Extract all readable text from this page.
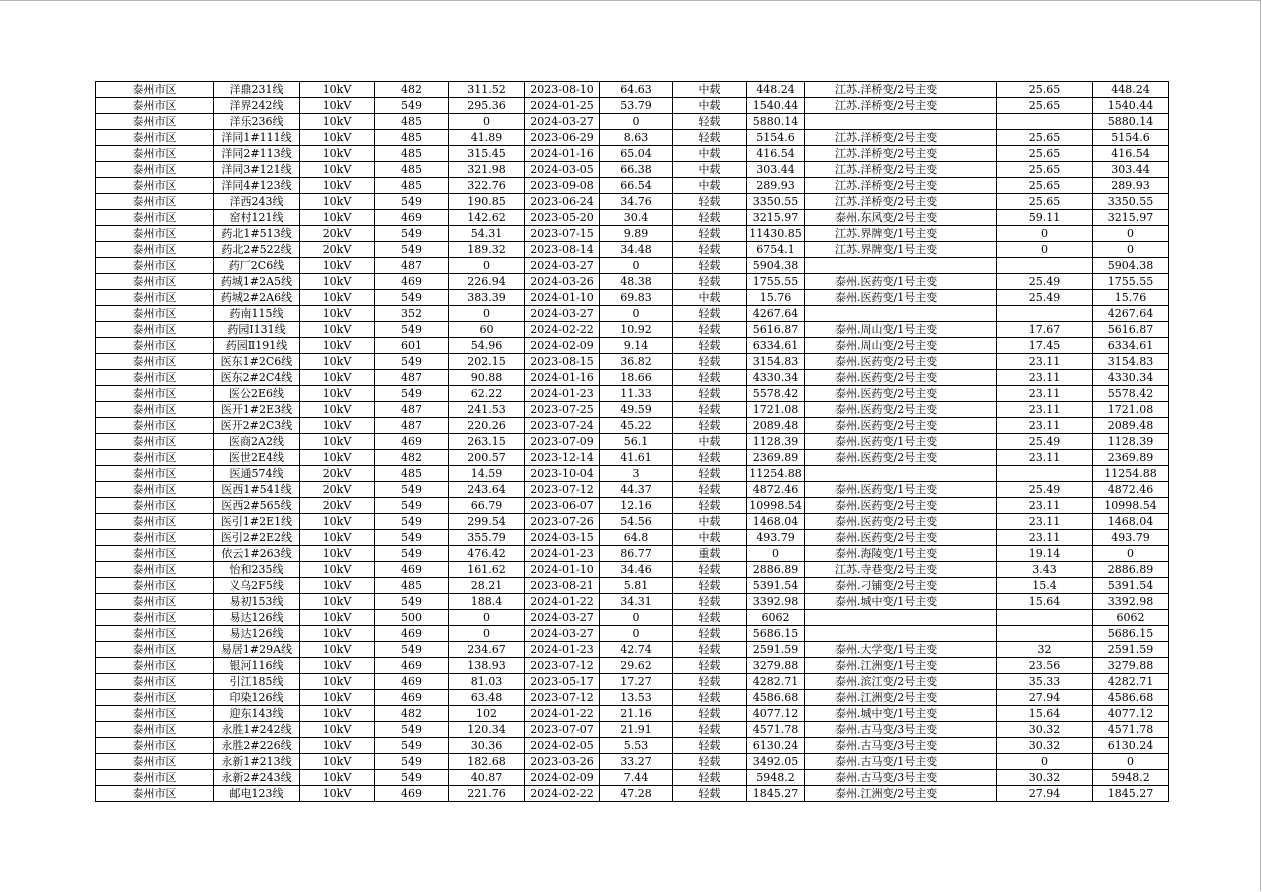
泰州市区	洋鼎231线	10kV	482	311.52	2023-08-10	64.63	中载	448.24	江苏.洋桥变/2号主变	25.65	448.24
泰州市区	洋界242线	10kV	549	295.36	2024-01-25	53.79	中载	1540.44	江苏.洋桥变/2号主变	25.65	1540.44
泰州市区	洋乐236线	10kV	485	0	2024-03-27	0	轻载	5880.14			5880.14
泰州市区	洋同1#111线	10kV	485	41.89	2023-06-29	8.63	轻载	5154.6	江苏.洋桥变/2号主变	25.65	5154.6
泰州市区	洋同2#113线	10kV	485	315.45	2024-01-16	65.04	中载	416.54	江苏.洋桥变/2号主变	25.65	416.54
泰州市区	洋同3#121线	10kV	485	321.98	2024-03-05	66.38	中载	303.44	江苏.洋桥变/2号主变	25.65	303.44
泰州市区	洋同4#123线	10kV	485	322.76	2023-09-08	66.54	中载	289.93	江苏.洋桥变/2号主变	25.65	289.93
泰州市区	洋西243线	10kV	549	190.85	2023-06-24	34.76	轻载	3350.55	江苏.洋桥变/2号主变	25.65	3350.55
泰州市区	窑村121线	10kV	469	142.62	2023-05-20	30.4	轻载	3215.97	泰州.东风变/2号主变	59.11	3215.97
泰州市区	药北1#513线	20kV	549	54.31	2023-07-15	9.89	轻载	11430.85	江苏.界牌变/1号主变	0	0
泰州市区	药北2#522线	20kV	549	189.32	2023-08-14	34.48	轻载	6754.1	江苏.界牌变/1号主变	0	0
泰州市区	药厂2C6线	10kV	487	0	2024-03-27	0	轻载	5904.38			5904.38
泰州市区	药城1#2A5线	10kV	469	226.94	2024-03-26	48.38	轻载	1755.55	泰州.医药变/1号主变	25.49	1755.55
泰州市区	药城2#2A6线	10kV	549	383.39	2024-01-10	69.83	中载	15.76	泰州.医药变/1号主变	25.49	15.76
泰州市区	药南115线	10kV	352	0	2024-03-27	0	轻载	4267.64			4267.64
泰州市区	药园I131线	10kV	549	60	2024-02-22	10.92	轻载	5616.87	泰州.周山变/1号主变	17.67	5616.87
泰州市区	药园Ⅱ191线	10kV	601	54.96	2024-02-09	9.14	轻载	6334.61	泰州.周山变/2号主变	17.45	6334.61
泰州市区	医东1#2C6线	10kV	549	202.15	2023-08-15	36.82	轻载	3154.83	泰州.医药变/2号主变	23.11	3154.83
泰州市区	医东2#2C4线	10kV	487	90.88	2024-01-16	18.66	轻载	4330.34	泰州.医药变/2号主变	23.11	4330.34
泰州市区	医公2E6线	10kV	549	62.22	2024-01-23	11.33	轻载	5578.42	泰州.医药变/2号主变	23.11	5578.42
泰州市区	医开1#2E3线	10kV	487	241.53	2023-07-25	49.59	轻载	1721.08	泰州.医药变/2号主变	23.11	1721.08
泰州市区	医开2#2C3线	10kV	487	220.26	2023-07-24	45.22	轻载	2089.48	泰州.医药变/2号主变	23.11	2089.48
泰州市区	医商2A2线	10kV	469	263.15	2023-07-09	56.1	中载	1128.39	泰州.医药变/1号主变	25.49	1128.39
泰州市区	医世2E4线	10kV	482	200.57	2023-12-14	41.61	轻载	2369.89	泰州.医药变/2号主变	23.11	2369.89
泰州市区	医通574线	20kV	485	14.59	2023-10-04	3	轻载	11254.88			11254.88
泰州市区	医西1#541线	20kV	549	243.64	2023-07-12	44.37	轻载	4872.46	泰州.医药变/1号主变	25.49	4872.46
泰州市区	医西2#565线	20kV	549	66.79	2023-06-07	12.16	轻载	10998.54	泰州.医药变/2号主变	23.11	10998.54
泰州市区	医引1#2E1线	10kV	549	299.54	2023-07-26	54.56	中载	1468.04	泰州.医药变/2号主变	23.11	1468.04
泰州市区	医引2#2E2线	10kV	549	355.79	2024-03-15	64.8	中载	493.79	泰州.医药变/2号主变	23.11	493.79
泰州市区	依云1#263线	10kV	549	476.42	2024-01-23	86.77	重载	0	泰州.海陵变/1号主变	19.14	0
泰州市区	怡和235线	10kV	469	161.62	2024-01-10	34.46	轻载	2886.89	江苏.寺巷变/2号主变	3.43	2886.89
泰州市区	义乌2F5线	10kV	485	28.21	2023-08-21	5.81	轻载	5391.54	泰州.刁铺变/2号主变	15.4	5391.54
泰州市区	易初153线	10kV	549	188.4	2024-01-22	34.31	轻载	3392.98	泰州.城中变/1号主变	15.64	3392.98
泰州市区	易达126线	10kV	500	0	2024-03-27	0	轻载	6062			6062
泰州市区	易达126线	10kV	469	0	2024-03-27	0	轻载	5686.15			5686.15
泰州市区	易居1#29A线	10kV	549	234.67	2024-01-23	42.74	轻载	2591.59	泰州.大学变/1号主变	32	2591.59
泰州市区	银河116线	10kV	469	138.93	2023-07-12	29.62	轻载	3279.88	泰州.江洲变/1号主变	23.56	3279.88
泰州市区	引江185线	10kV	469	81.03	2023-05-17	17.27	轻载	4282.71	泰州.滨江变/2号主变	35.33	4282.71
泰州市区	印染126线	10kV	469	63.48	2023-07-12	13.53	轻载	4586.68	泰州.江洲变/2号主变	27.94	4586.68
泰州市区	迎东143线	10kV	482	102	2024-01-22	21.16	轻载	4077.12	泰州.城中变/1号主变	15.64	4077.12
泰州市区	永胜1#242线	10kV	549	120.34	2023-07-07	21.91	轻载	4571.78	泰州.古马变/3号主变	30.32	4571.78
泰州市区	永胜2#226线	10kV	549	30.36	2024-02-05	5.53	轻载	6130.24	泰州.古马变/3号主变	30.32	6130.24
泰州市区	永新1#213线	10kV	549	182.68	2023-03-26	33.27	轻载	3492.05	泰州.古马变/1号主变	0	0
泰州市区	永新2#243线	10kV	549	40.87	2024-02-09	7.44	轻载	5948.2	泰州.古马变/3号主变	30.32	5948.2
泰州市区	邮电123线	10kV	469	221.76	2024-02-22	47.28	轻载	1845.27	泰州.江洲变/2号主变	27.94	1845.27
